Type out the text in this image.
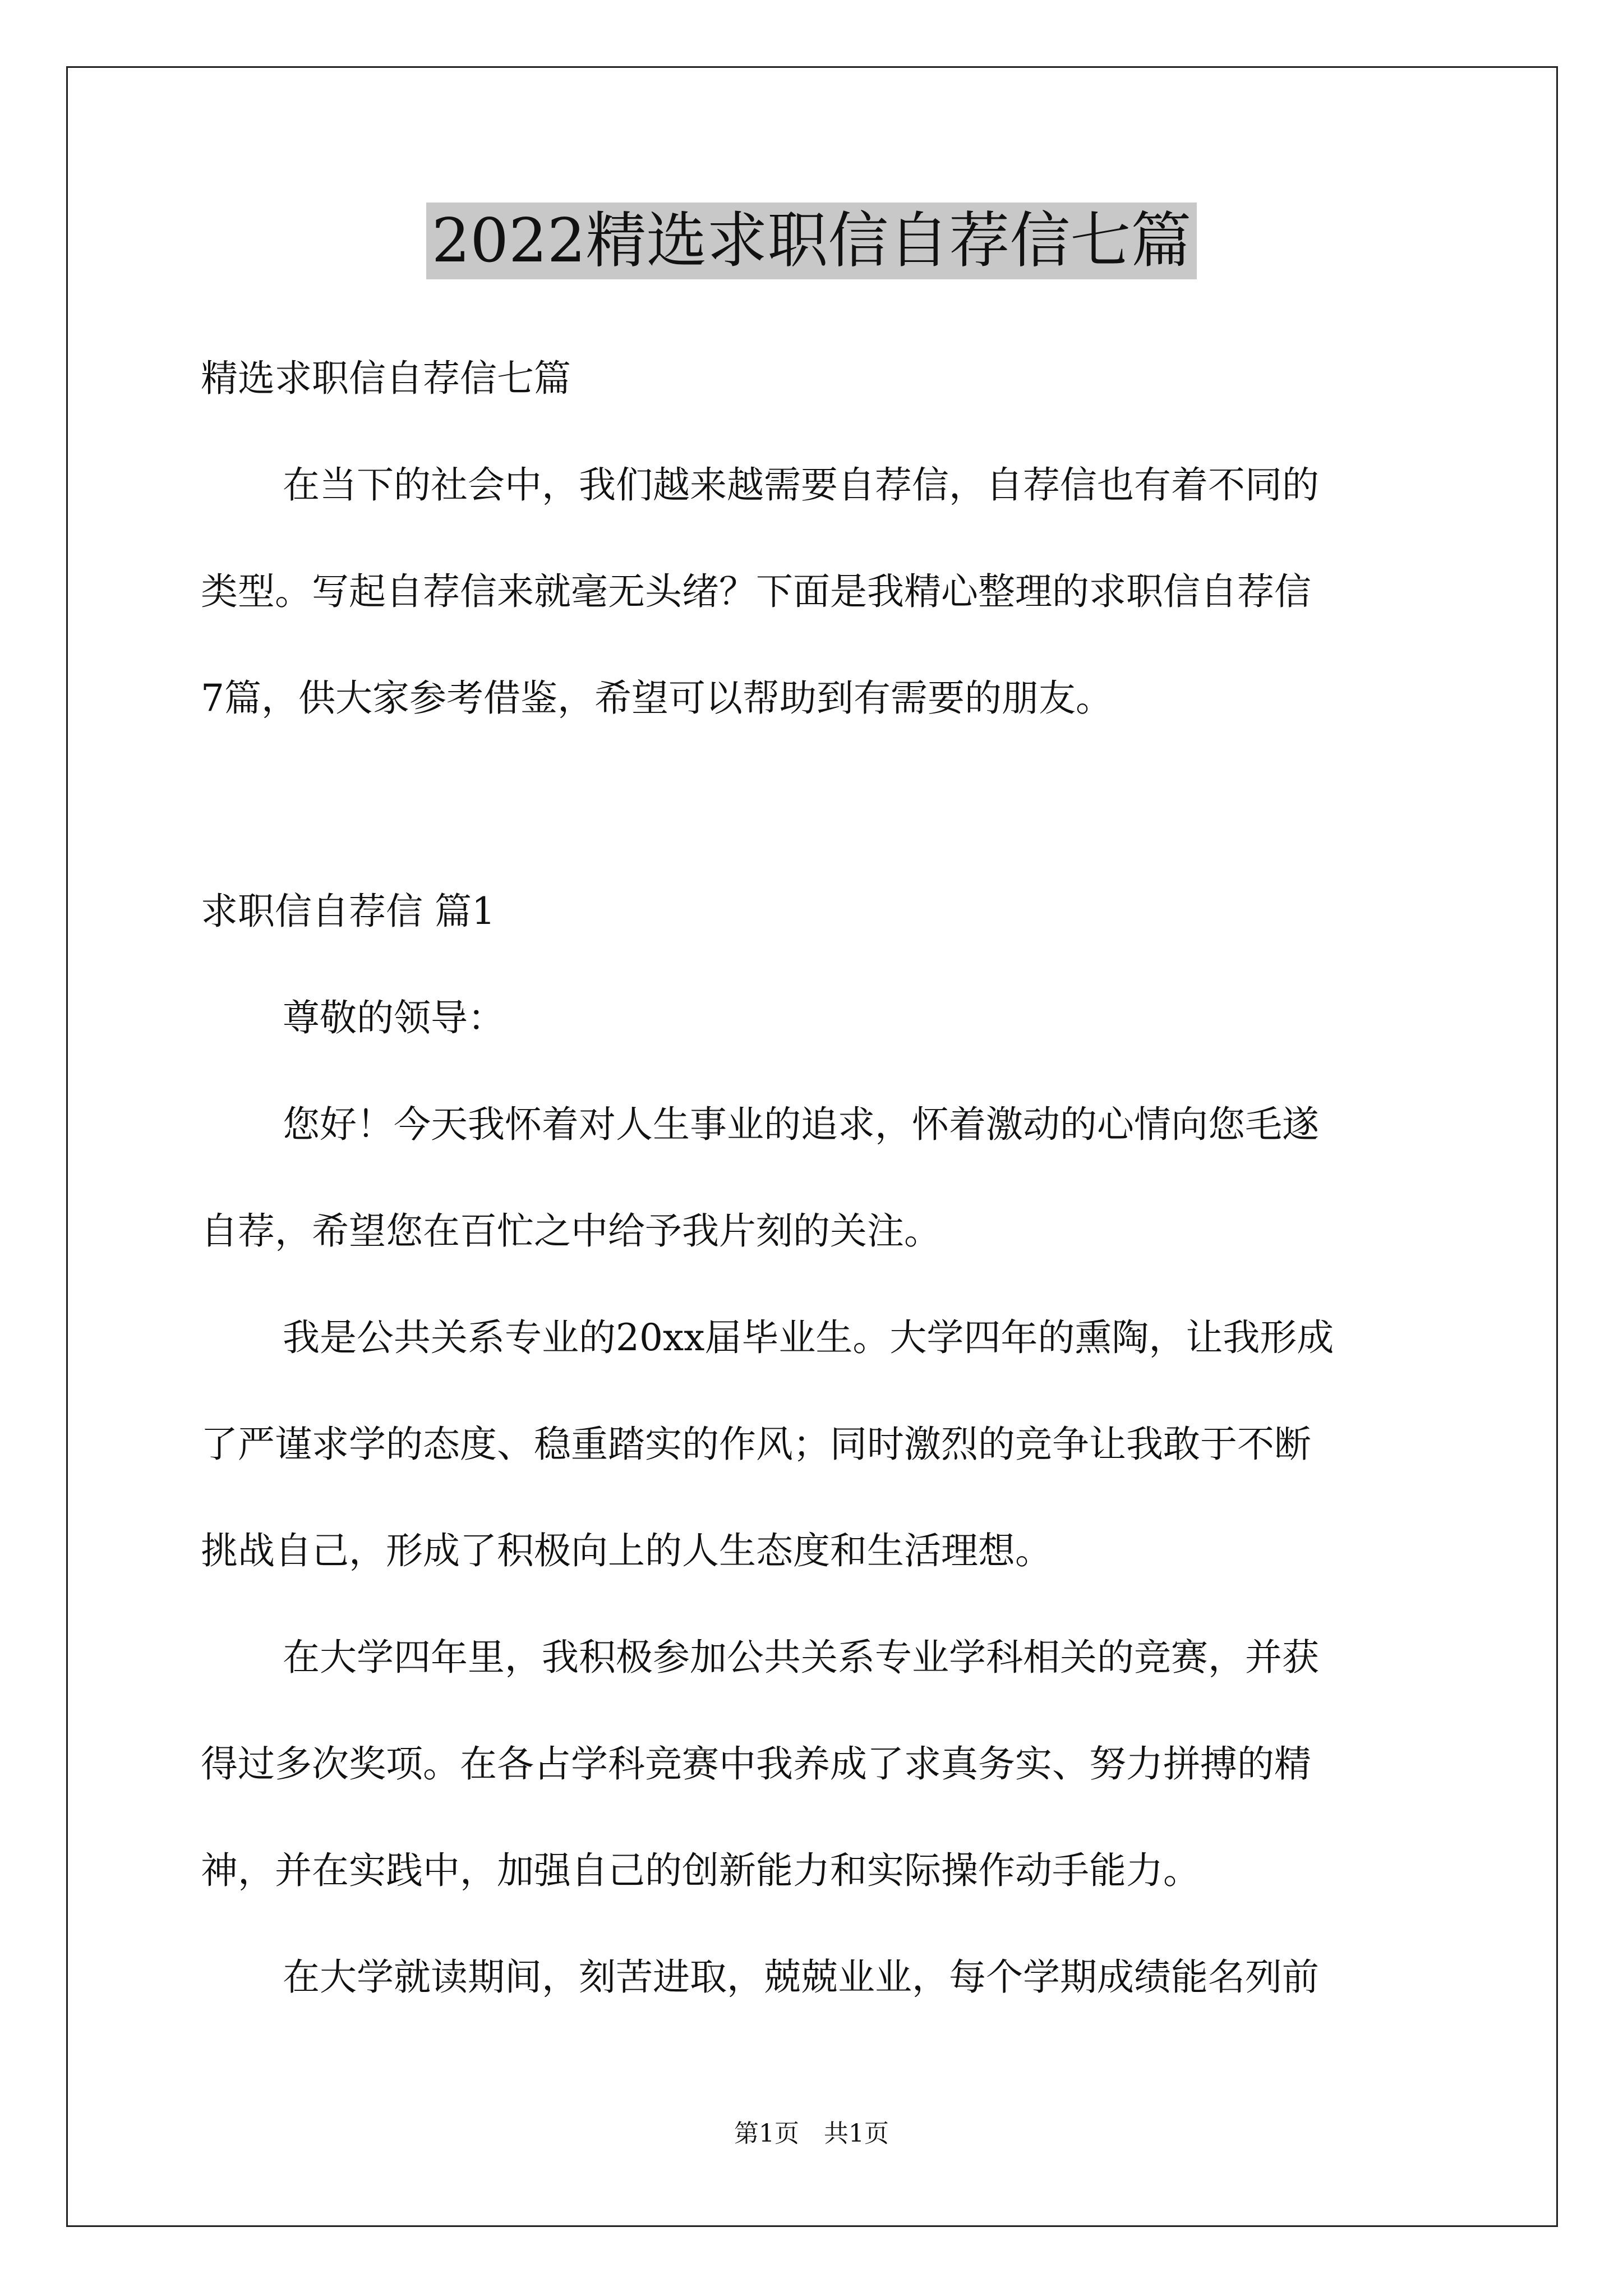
2022精选求职信自荐信七篇
精选求职信自荐信七篇
在当下的社会中，我们越来越需要自荐信，自荐信也有着不同的
类型。写起自荐信来就毫无头绪？下面是我精心整理的求职信自荐信
7篇，供大家参考借鉴，希望可以帮助到有需要的朋友。
求职信自荐信 篇1
尊敬的领导：
您好！今天我怀着对人生事业的追求，怀着激动的心情向您毛遂
自荐，希望您在百忙之中给予我片刻的关注。
我是公共关系专业的20xx届毕业生。大学四年的熏陶，让我形成
了严谨求学的态度、稳重踏实的作风；同时激烈的竞争让我敢于不断
挑战自己，形成了积极向上的人生态度和生活理想。
在大学四年里，我积极参加公共关系专业学科相关的竞赛，并获
得过多次奖项。在各占学科竞赛中我养成了求真务实、努力拼搏的精
神，并在实践中，加强自己的创新能力和实际操作动手能力。
在大学就读期间，刻苦进取，兢兢业业，每个学期成绩能名列前
第1页　共1页
